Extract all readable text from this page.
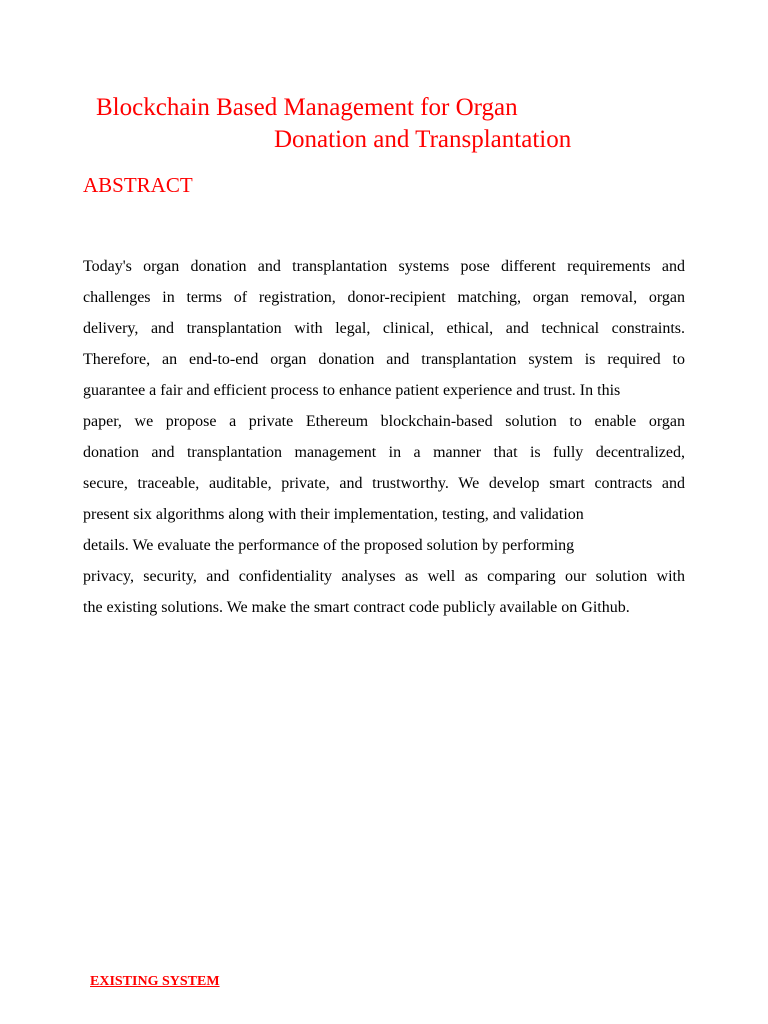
Blockchain Based Management for Organ
Donation and Transplantation
ABSTRACT
Today's organ donation and transplantation systems pose different requirements and
challenges in terms of registration, donor-recipient matching, organ removal, organ
delivery, and transplantation with legal, clinical, ethical, and technical constraints.
Therefore, an end-to-end organ donation and transplantation system is required to
guarantee a fair and efficient process to enhance patient experience and trust. In this
paper, we propose a private Ethereum blockchain-based solution to enable organ
donation and transplantation management in a manner that is fully decentralized,
secure, traceable, auditable, private, and trustworthy. We develop smart contracts and
present six algorithms along with their implementation, testing, and validation
details. We evaluate the performance of the proposed solution by performing
privacy, security, and confidentiality analyses as well as comparing our solution with
the existing solutions. We make the smart contract code publicly available on Github.
EXISTING SYSTEM
